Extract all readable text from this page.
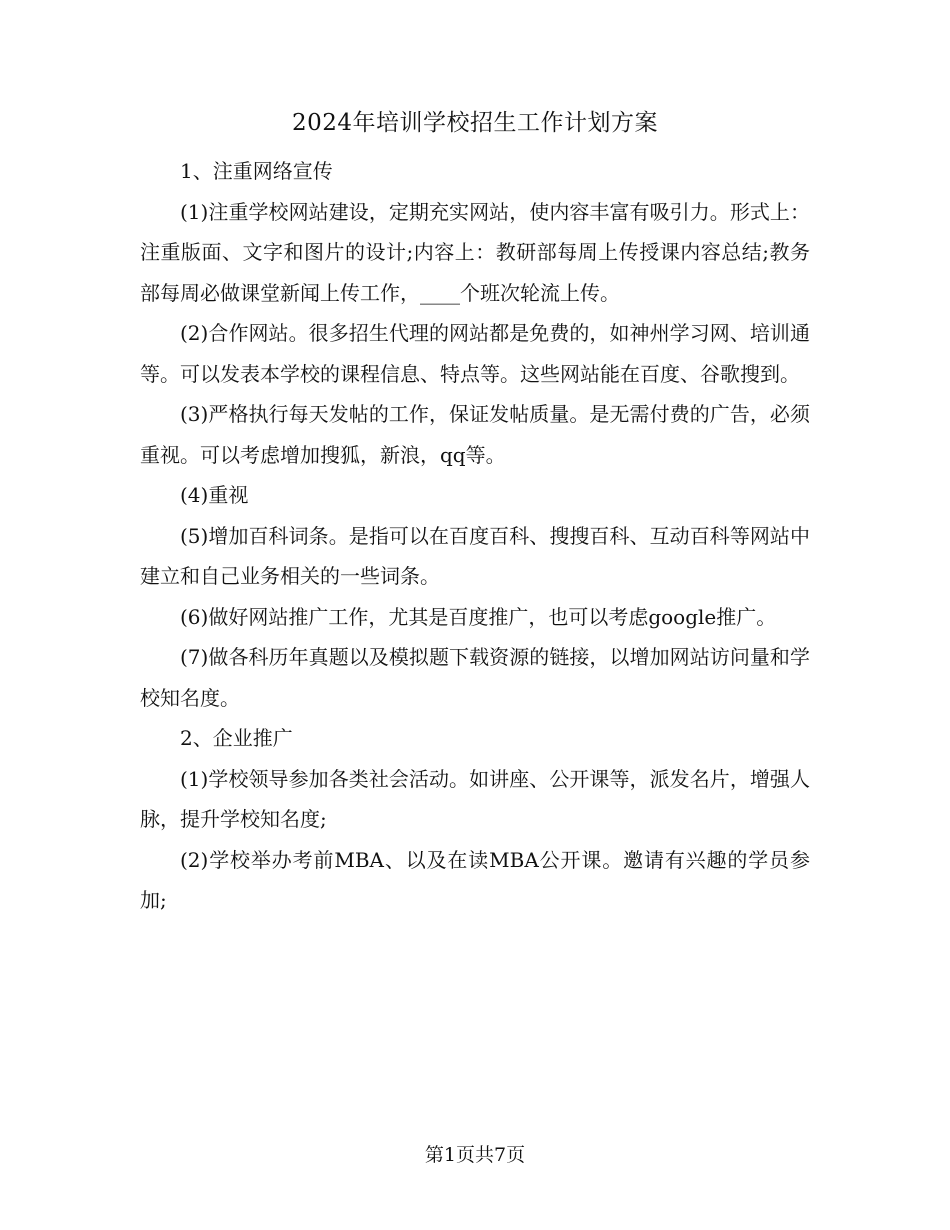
2024年培训学校招生工作计划方案

1、注重网络宣传

(1)注重学校网站建设，定期充实网站，使内容丰富有吸引力。形式上：注重版面、文字和图片的设计;内容上：教研部每周上传授课内容总结;教务部每周必做课堂新闻上传工作，____个班次轮流上传。

(2)合作网站。很多招生代理的网站都是免费的，如神州学习网、培训通等。可以发表本学校的课程信息、特点等。这些网站能在百度、谷歌搜到。

(3)严格执行每天发帖的工作，保证发帖质量。是无需付费的广告，必须重视。可以考虑增加搜狐，新浪，qq等。

(4)重视

(5)增加百科词条。是指可以在百度百科、搜搜百科、互动百科等网站中建立和自己业务相关的一些词条。

(6)做好网站推广工作，尤其是百度推广，也可以考虑google推广。

(7)做各科历年真题以及模拟题下载资源的链接，以增加网站访问量和学校知名度。

2、企业推广

(1)学校领导参加各类社会活动。如讲座、公开课等，派发名片，增强人脉，提升学校知名度;

(2)学校举办考前MBA、以及在读MBA公开课。邀请有兴趣的学员参加;

第1页共7页
